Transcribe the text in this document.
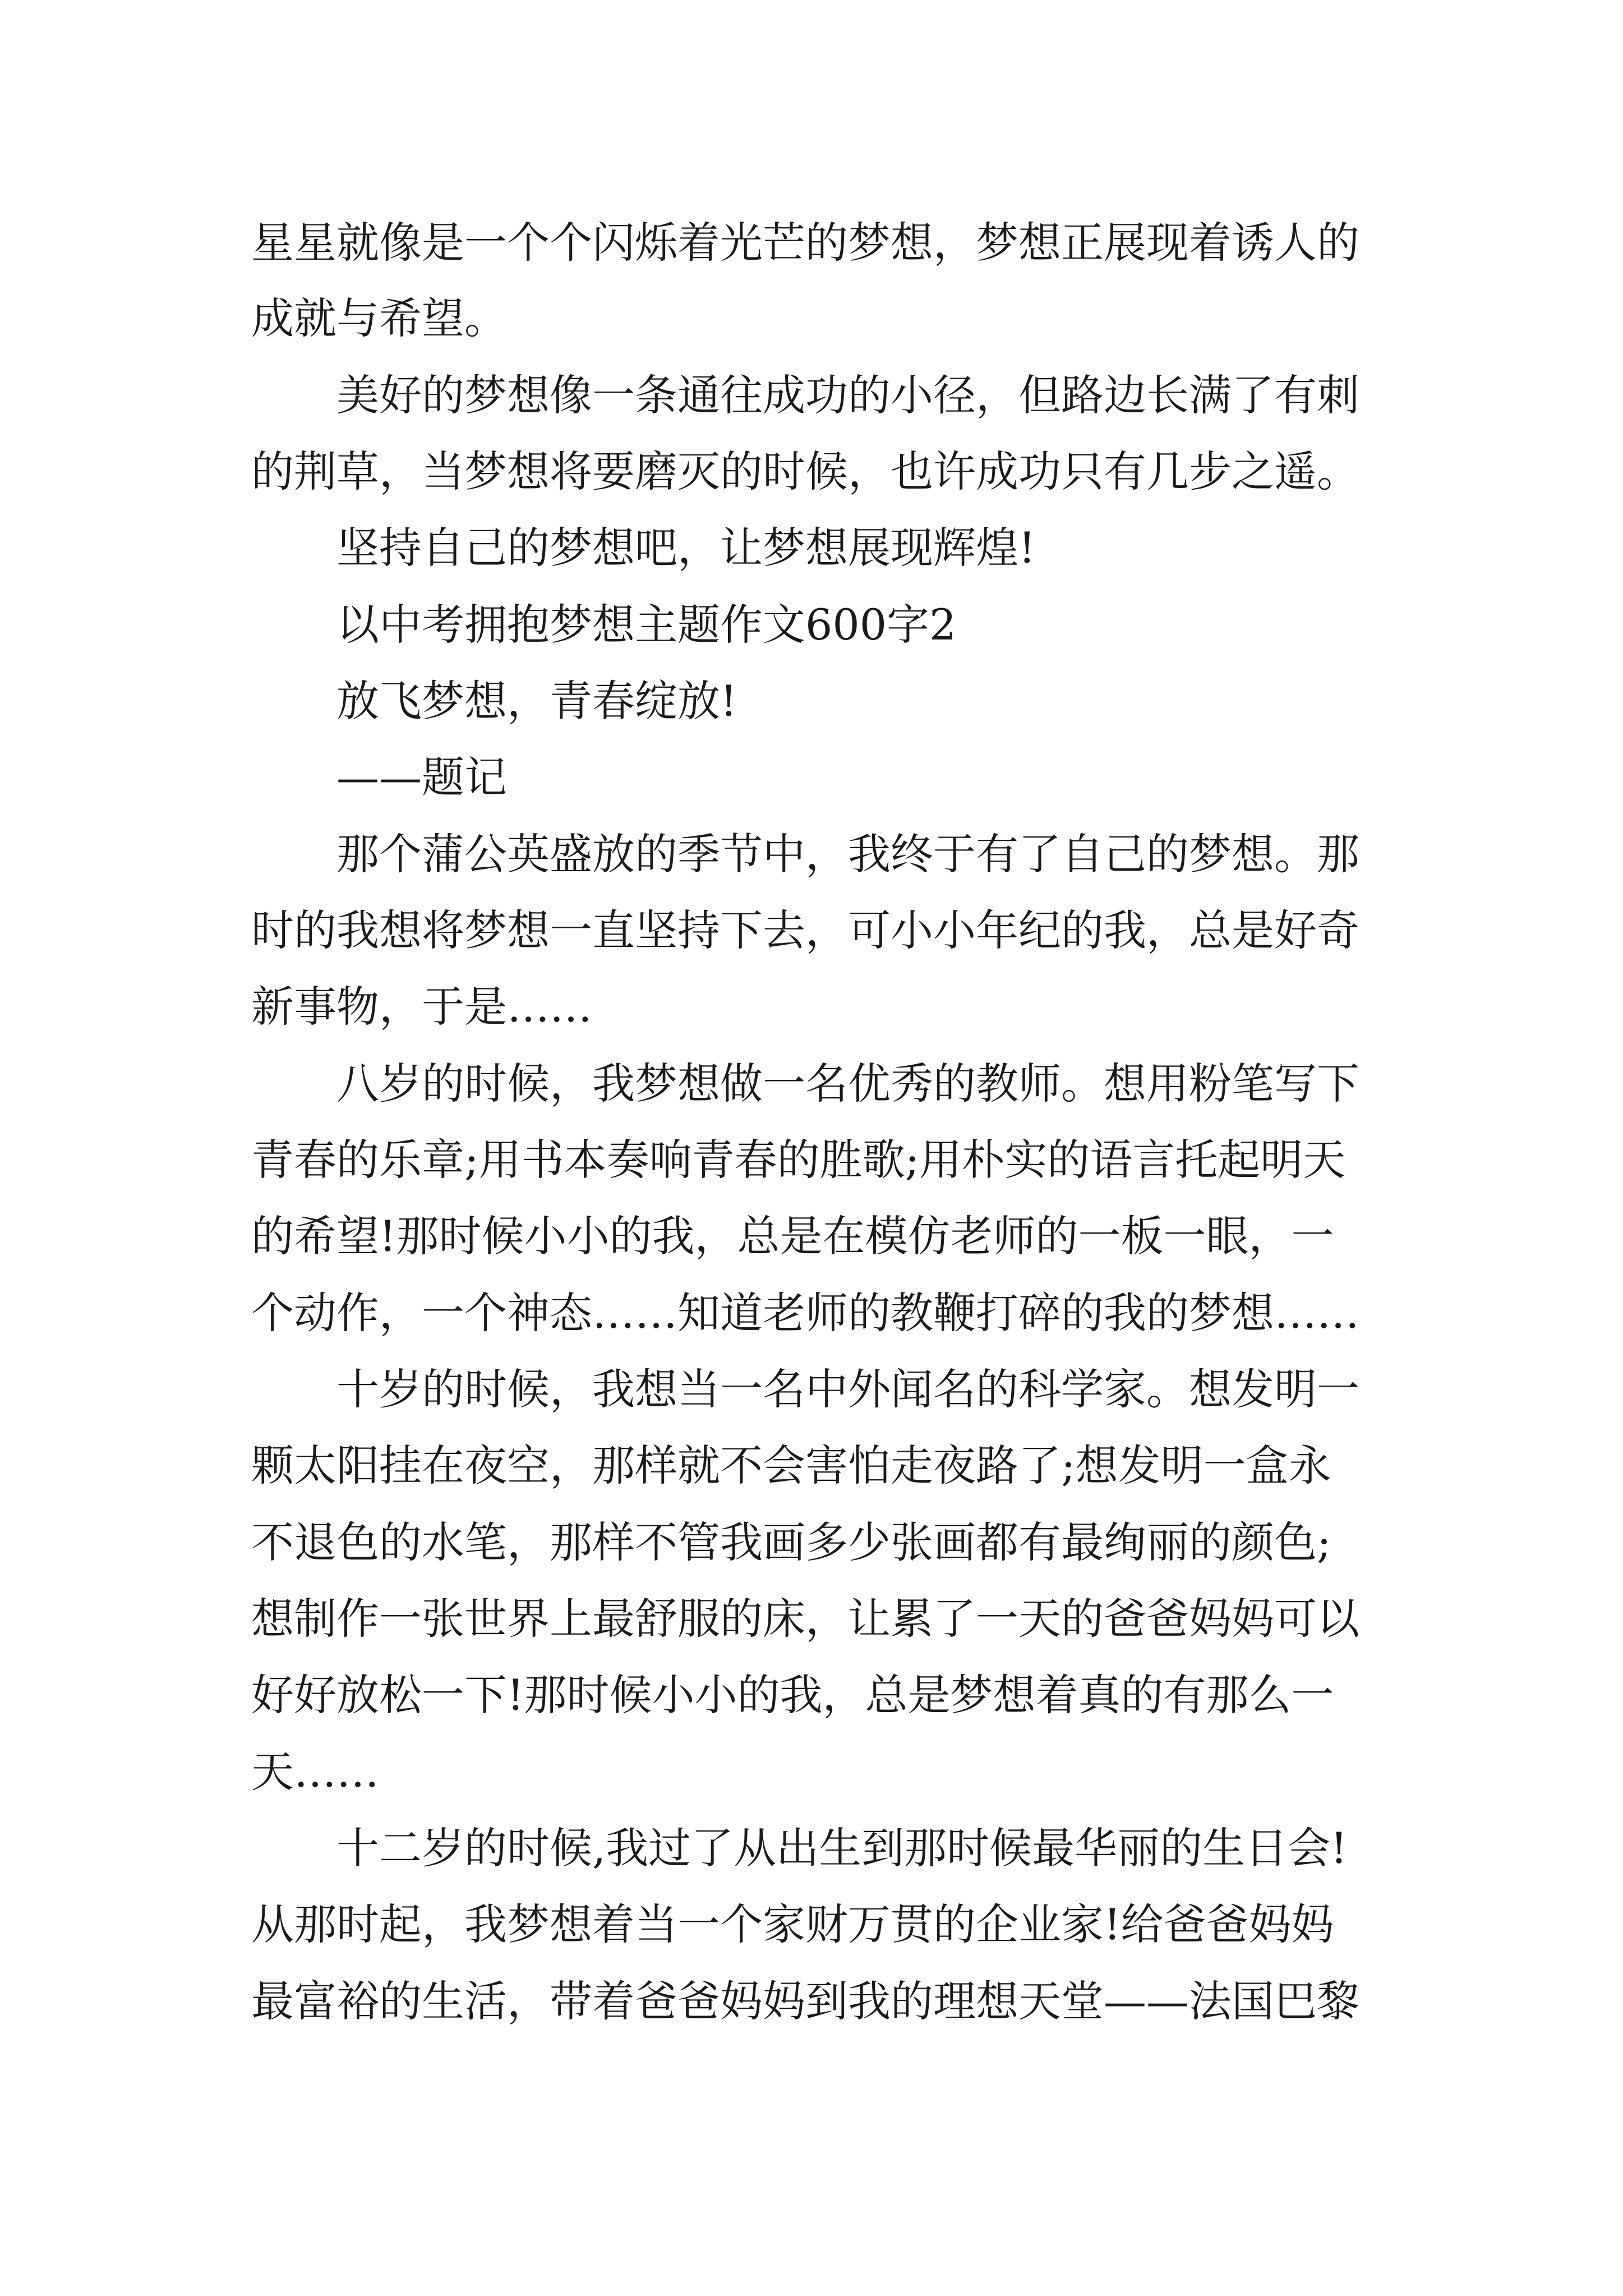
星星就像是一个个闪烁着光芒的梦想，梦想正展现着诱人的
成就与希望。
美好的梦想像一条通往成功的小径，但路边长满了有刺
的荆草，当梦想将要磨灭的时候，也许成功只有几步之遥。
坚持自己的梦想吧，让梦想展现辉煌!
以中考拥抱梦想主题作文600字2
放飞梦想，青春绽放!
——题记
那个蒲公英盛放的季节中，我终于有了自己的梦想。那
时的我想将梦想一直坚持下去，可小小年纪的我，总是好奇
新事物，于是……
八岁的时候，我梦想做一名优秀的教师。想用粉笔写下
青春的乐章;用书本奏响青春的胜歌;用朴实的语言托起明天
的希望!那时候小小的我，总是在模仿老师的一板一眼，一
个动作，一个神态……知道老师的教鞭打碎的我的梦想……
十岁的时候，我想当一名中外闻名的科学家。想发明一
颗太阳挂在夜空，那样就不会害怕走夜路了;想发明一盒永
不退色的水笔，那样不管我画多少张画都有最绚丽的颜色;
想制作一张世界上最舒服的床，让累了一天的爸爸妈妈可以
好好放松一下!那时候小小的我，总是梦想着真的有那么一
天……
十二岁的时候,我过了从出生到那时候最华丽的生日会!
从那时起，我梦想着当一个家财万贯的企业家!给爸爸妈妈
最富裕的生活，带着爸爸妈妈到我的理想天堂——法国巴黎
